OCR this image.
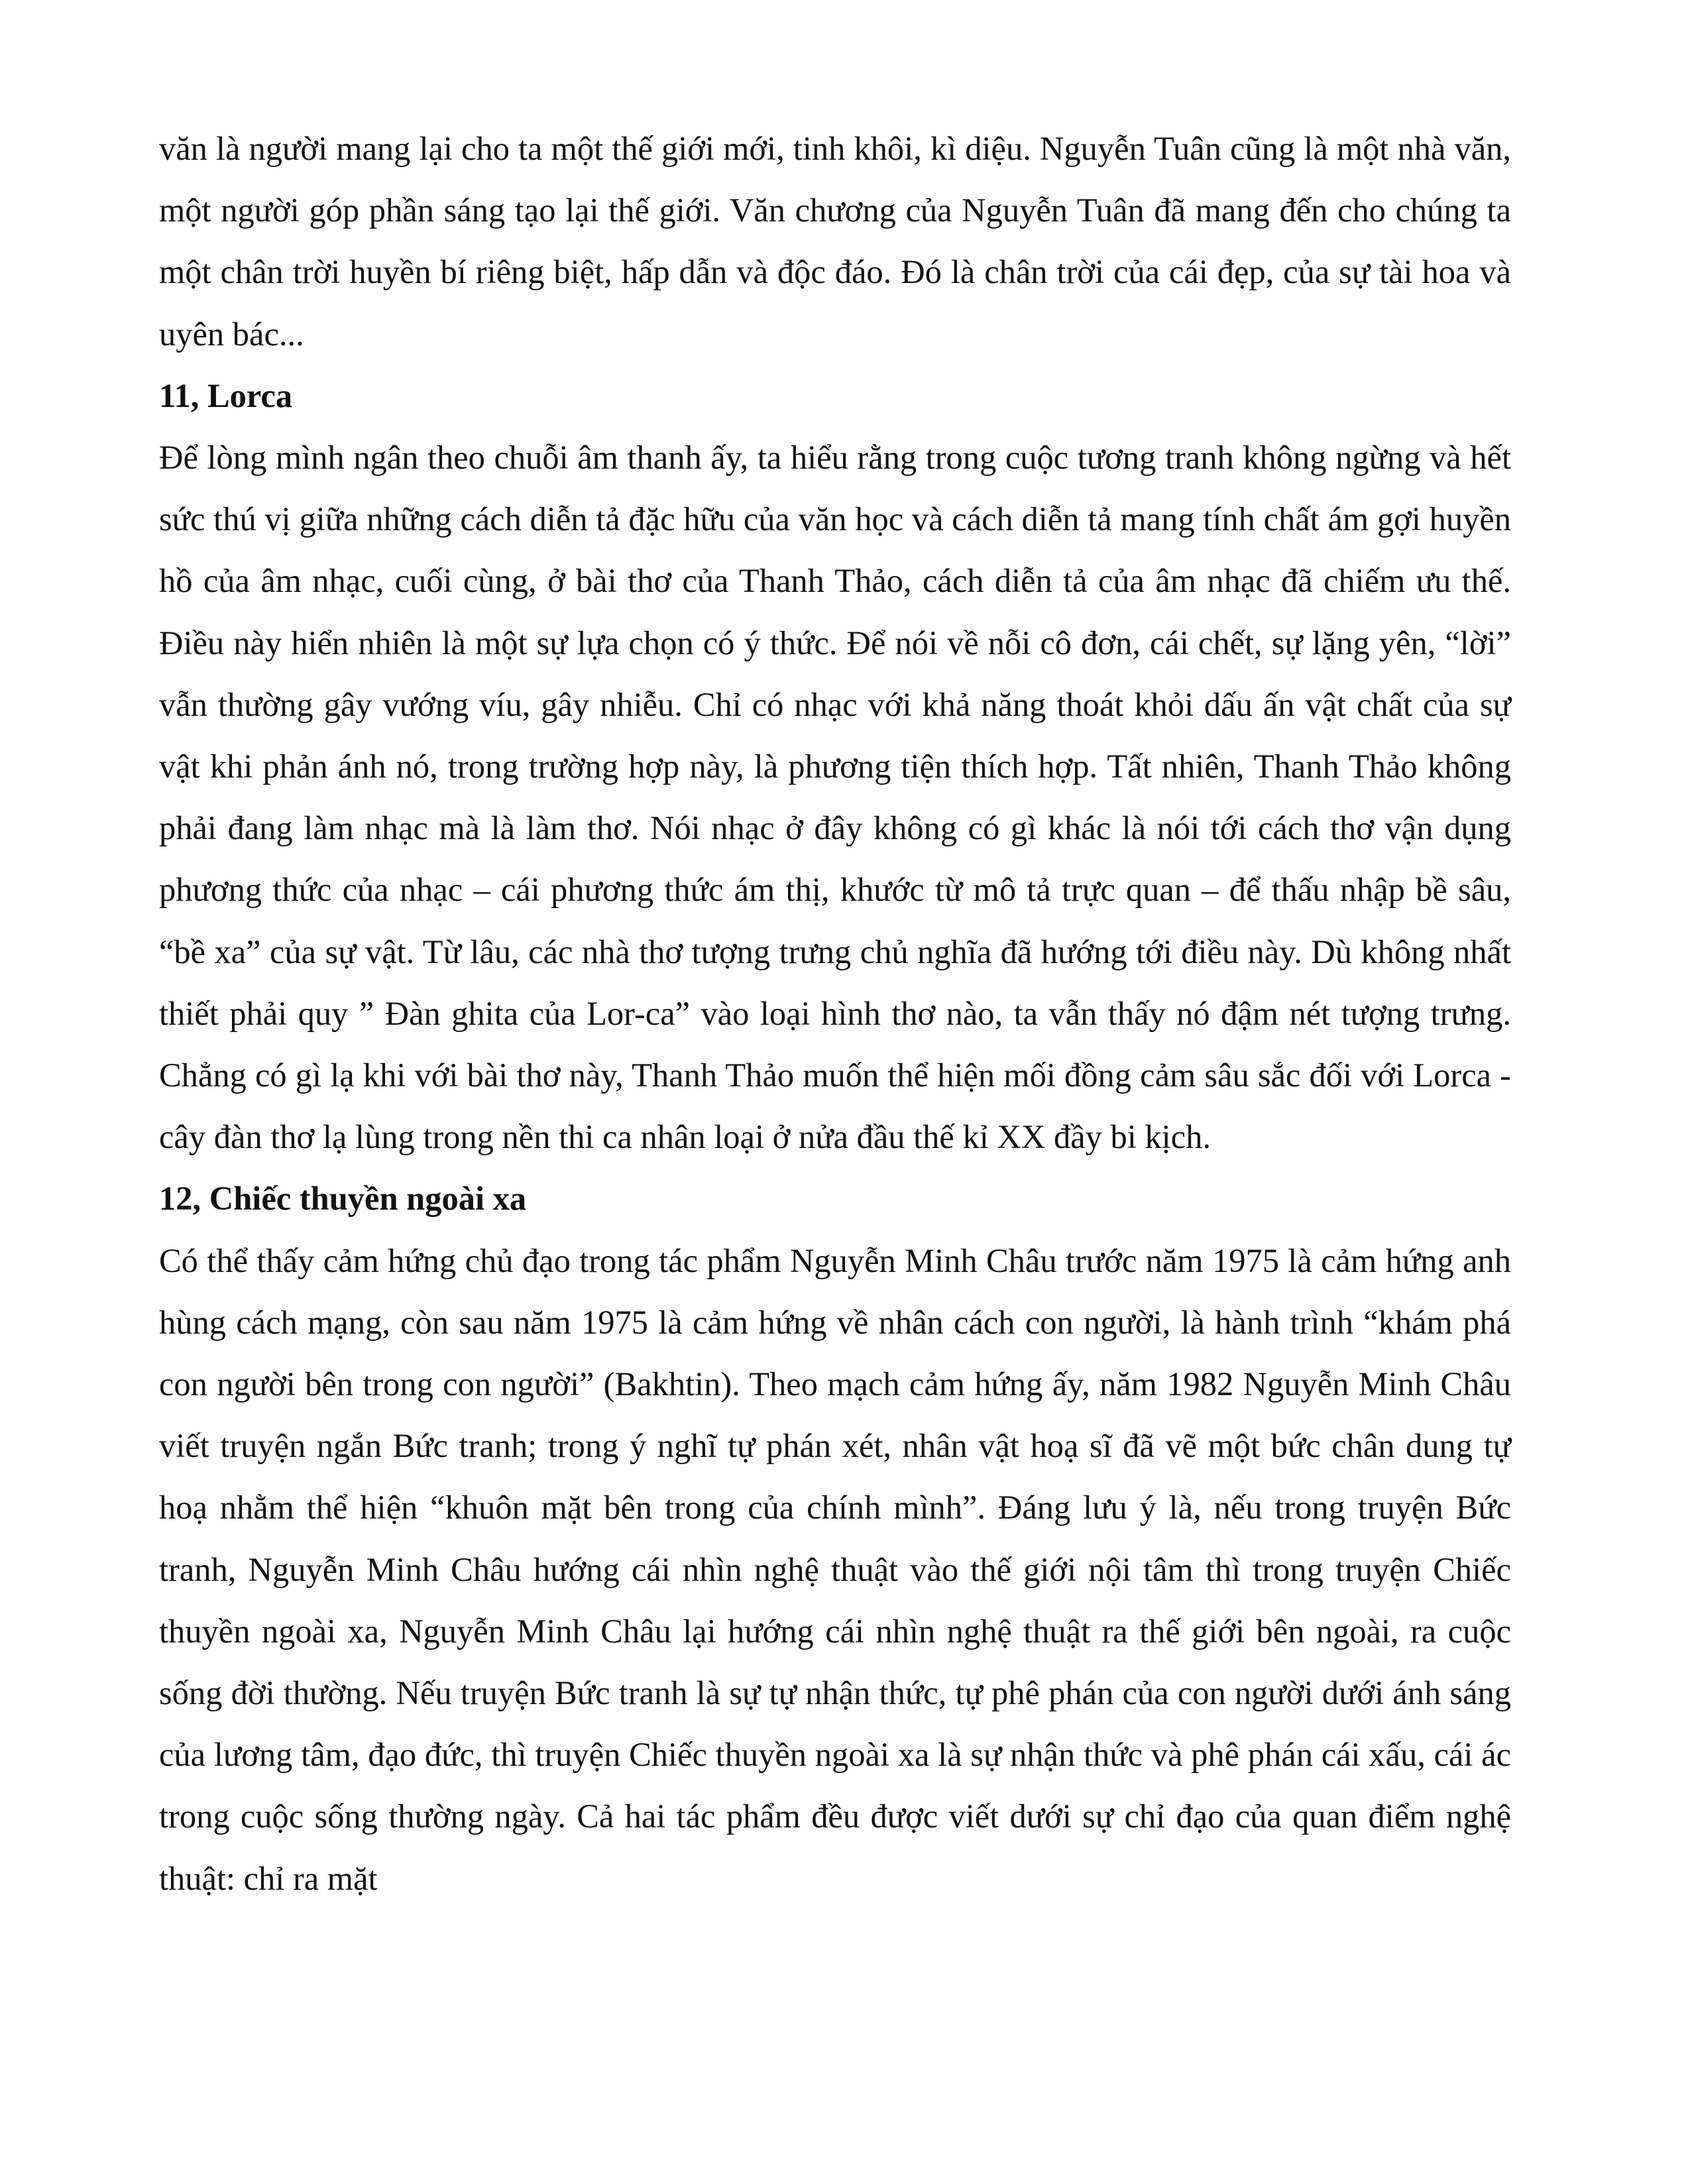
văn là người mang lại cho ta một thế giới mới, tinh khôi, kì diệu. Nguyễn Tuân cũng là một nhà văn, một người góp phần sáng tạo lại thế giới. Văn chương của Nguyễn Tuân đã mang đến cho chúng ta một chân trời huyền bí riêng biệt, hấp dẫn và độc đáo. Đó là chân trời của cái đẹp, của sự tài hoa và uyên bác...

11, Lorca

Để lòng mình ngân theo chuỗi âm thanh ấy, ta hiểu rằng trong cuộc tương tranh không ngừng và hết sức thú vị giữa những cách diễn tả đặc hữu của văn học và cách diễn tả mang tính chất ám gợi huyền hồ của âm nhạc, cuối cùng, ở bài thơ của Thanh Thảo, cách diễn tả của âm nhạc đã chiếm ưu thế. Điều này hiển nhiên là một sự lựa chọn có ý thức. Để nói về nỗi cô đơn, cái chết, sự lặng yên, “lời” vẫn thường gây vướng víu, gây nhiễu. Chỉ có nhạc với khả năng thoát khỏi dấu ấn vật chất của sự vật khi phản ánh nó, trong trường hợp này, là phương tiện thích hợp. Tất nhiên, Thanh Thảo không phải đang làm nhạc mà là làm thơ. Nói nhạc ở đây không có gì khác là nói tới cách thơ vận dụng phương thức của nhạc – cái phương thức ám thị, khước từ mô tả trực quan – để thấu nhập bề sâu, “bề xa” của sự vật. Từ lâu, các nhà thơ tượng trưng chủ nghĩa đã hướng tới điều này. Dù không nhất thiết phải quy ” Đàn ghita của Lor-ca” vào loại hình thơ nào, ta vẫn thấy nó đậm nét tượng trưng. Chẳng có gì lạ khi với bài thơ này, Thanh Thảo muốn thể hiện mối đồng cảm sâu sắc đối với Lorca - cây đàn thơ lạ lùng trong nền thi ca nhân loại ở nửa đầu thế kỉ XX đầy bi kịch.

12, Chiếc thuyền ngoài xa

Có thể thấy cảm hứng chủ đạo trong tác phẩm Nguyễn Minh Châu trước năm 1975 là cảm hứng anh hùng cách mạng, còn sau năm 1975 là cảm hứng về nhân cách con người, là hành trình “khám phá con người bên trong con người” (Bakhtin). Theo mạch cảm hứng ấy, năm 1982 Nguyễn Minh Châu viết truyện ngắn Bức tranh; trong ý nghĩ tự phán xét, nhân vật hoạ sĩ đã vẽ một bức chân dung tự hoạ nhằm thể hiện “khuôn mặt bên trong của chính mình”. Đáng lưu ý là, nếu trong truyện Bức tranh, Nguyễn Minh Châu hướng cái nhìn nghệ thuật vào thế giới nội tâm thì trong truyện Chiếc thuyền ngoài xa, Nguyễn Minh Châu lại hướng cái nhìn nghệ thuật ra thế giới bên ngoài, ra cuộc sống đời thường. Nếu truyện Bức tranh là sự tự nhận thức, tự phê phán của con người dưới ánh sáng của lương tâm, đạo đức, thì truyện Chiếc thuyền ngoài xa là sự nhận thức và phê phán cái xấu, cái ác trong cuộc sống thường ngày. Cả hai tác phẩm đều được viết dưới sự chỉ đạo của quan điểm nghệ thuật: chỉ ra mặt
